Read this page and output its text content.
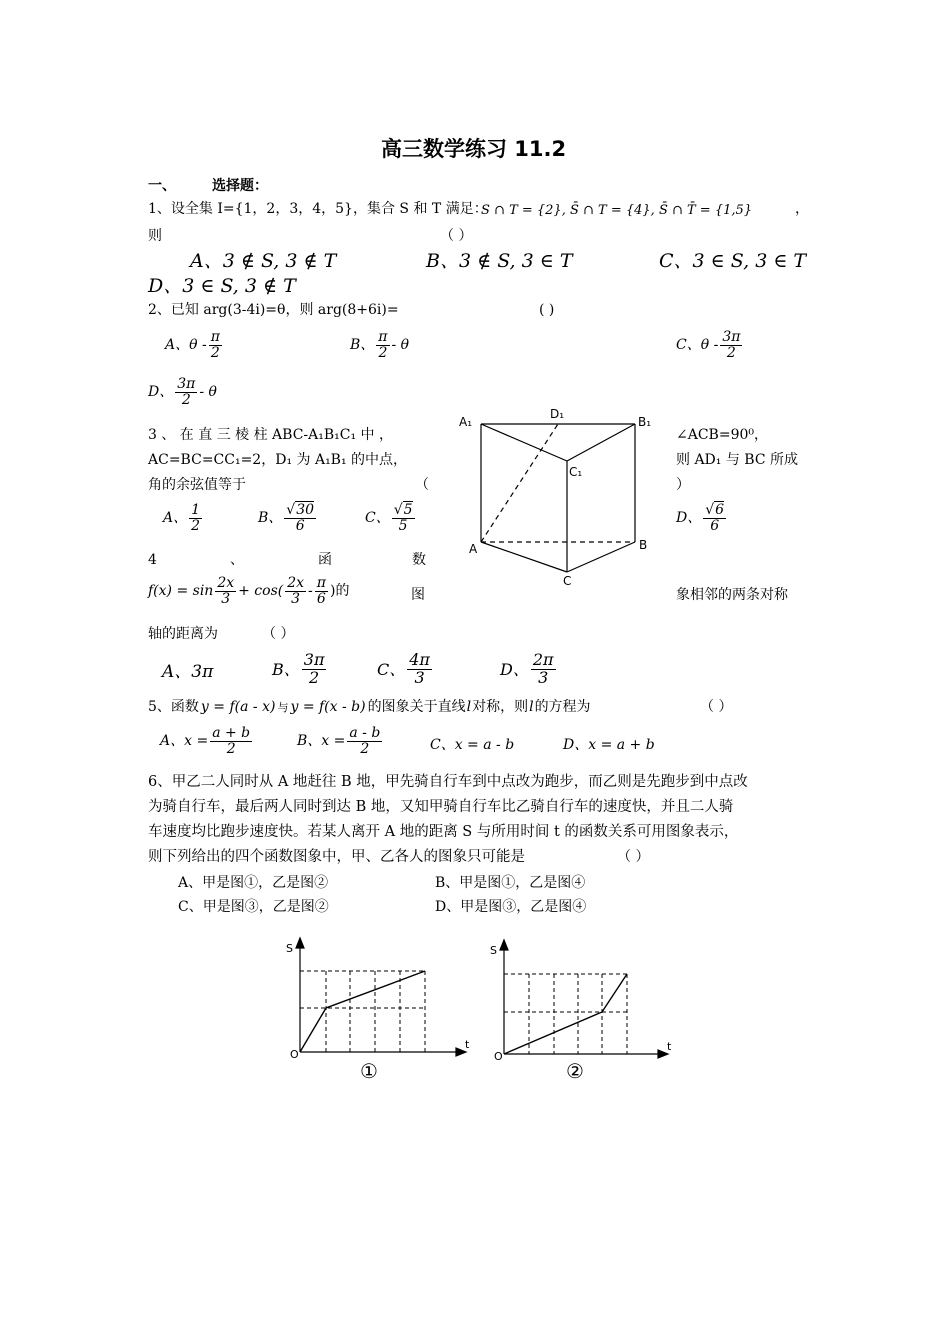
高三数学练习 11.2
一、	选择题：
1、设全集 I={1，2，3，4，5}，集合 S 和 T 满足：
S ∩ T = {2}, S̄ ∩ T = {4}, S̄ ∩ T̄ = {1,5}	，
则	（ ）
A、3 ∉ S, 3 ∉ T	B、3 ∉ S, 3 ∈ T	C、3 ∈ S, 3 ∈ T
D、3 ∈ S, 3 ∉ T
2、已知 arg(3-4i)=θ，则 arg(8+6i)=	( )
A、θ - $\frac{\pi}{2}$	B、 $\frac{\pi}{2}$ - θ	C、θ - $\frac{3\pi}{2}$
D、 $\frac{3\pi}{2}$ - θ
3 、 在 直 三 棱 柱 ABC-A₁B₁C₁ 中 ，	∠ACB=90⁰，
AC=BC=CC₁=2，D₁ 为 A₁B₁ 的中点，	则 AD₁ 与 BC 所成
角的余弦值等于	（	）
A、 $\frac{1}{2}$	B、 $\frac{√30}{6}$	C、 $\frac{√5}{5}$	D、 $\frac{√6}{6}$
A₁
D₁
B₁
C₁
A	B
C
4	、	函	数
$f(x) = \sin \frac{2x}{3} + \cos( \frac{2x}{3} - \frac{\pi}{6}$ )的	图	象相邻的两条对称
轴的距离为	（ ）
A、3π	B、 $\frac{3\pi}{2}$	C、 $\frac{4\pi}{3}$	D、 $\frac{2\pi}{3}$
5、函数 y = f(a - x) 与 y = f(x - b) 的图象关于直线 l 对称，则 l 的方程为	（ ）
A、$x = \frac{a + b}{2}$	B、$x = \frac{a - b}{2}$	C、x = a - b	D、x = a + b
6、甲乙二人同时从 A 地赶往 B 地，甲先骑自行车到中点改为跑步，而乙则是先跑步到中点改
为骑自行车，最后两人同时到达 B 地，又知甲骑自行车比乙骑自行车的速度快，并且二人骑
车速度均比跑步速度快。若某人离开 A 地的距离 S 与所用时间 t 的函数关系可用图象表示，
则下列给出的四个函数图象中，甲、乙各人的图象只可能是	（ ）
A、甲是图①，乙是图②	B、甲是图①，乙是图④
C、甲是图③，乙是图②	D、甲是图③，乙是图④
S
O
t
①
S
O
t
②
